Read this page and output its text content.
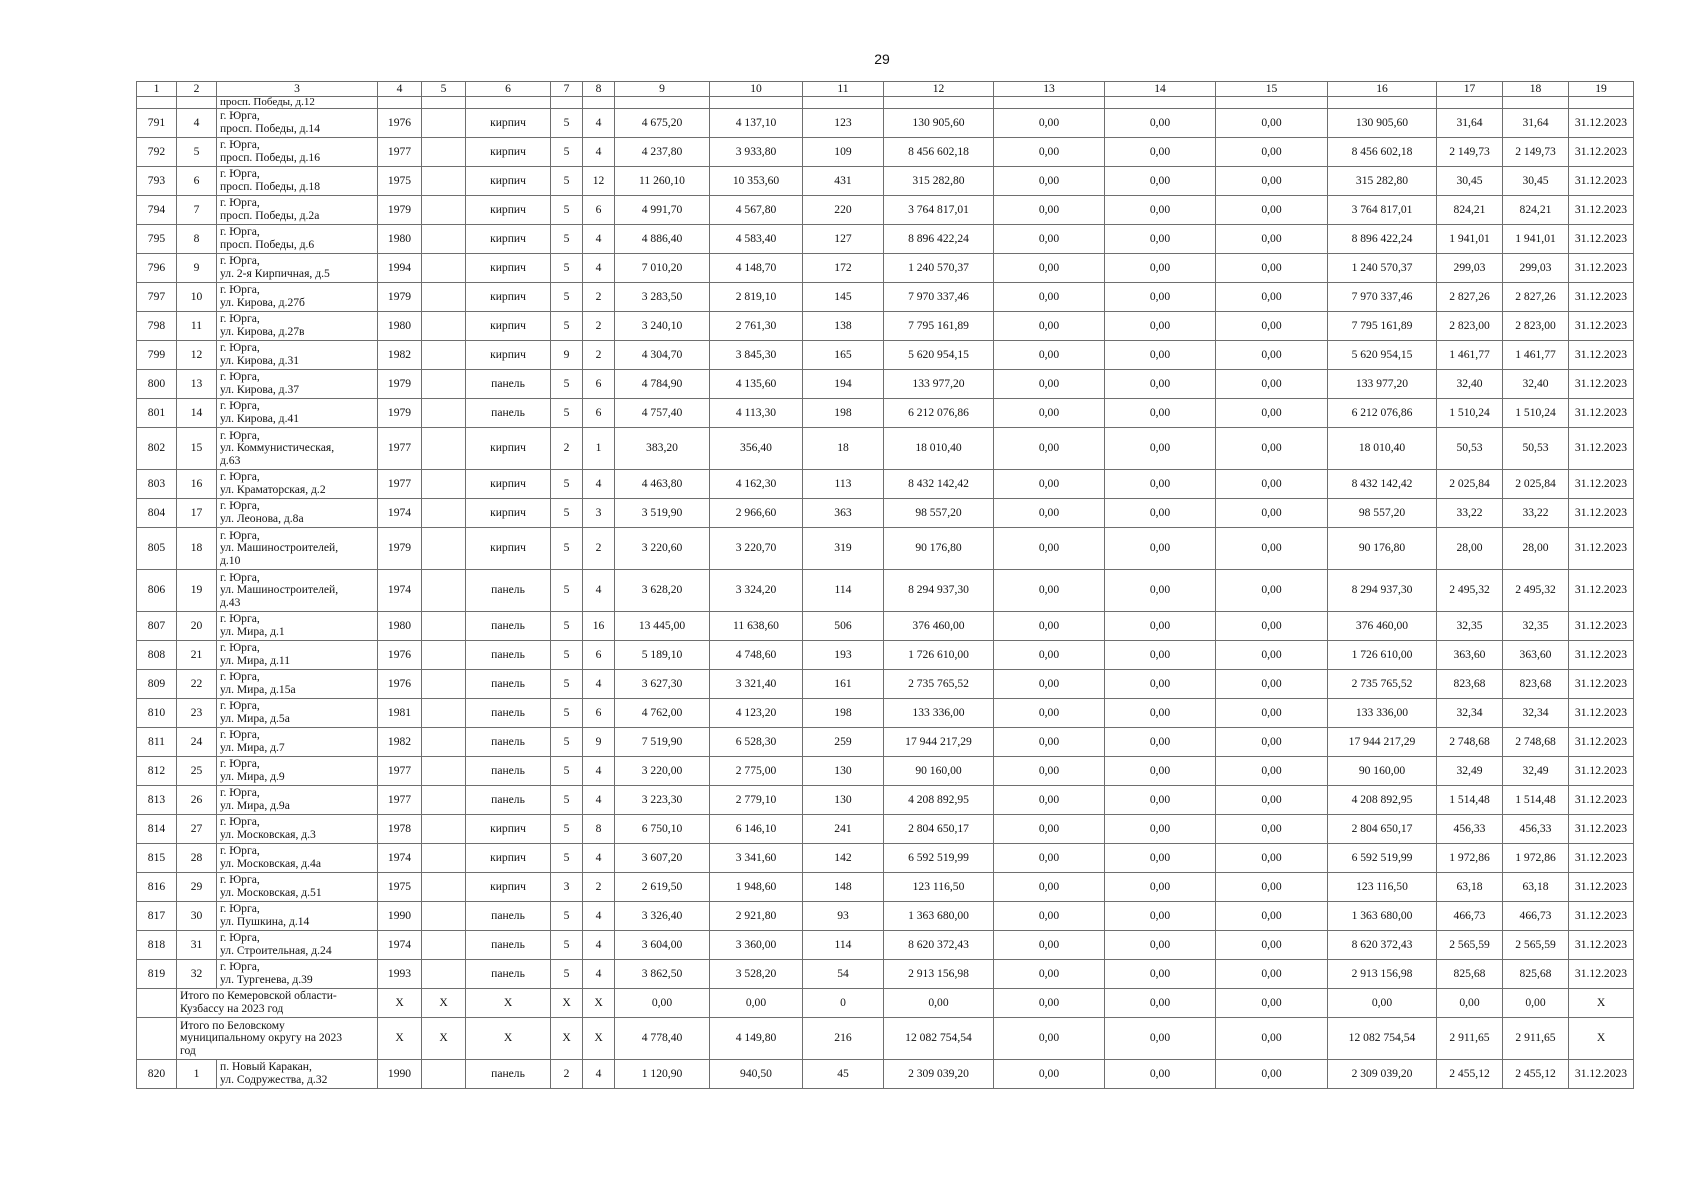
29
1	2	3	4	5	6	7	8	9	10	11	12	13	14	15	16	17	18	19
		просп. Победы, д.12																
791	4	г. Юрга,
просп. Победы, д.14	1976		кирпич	5	4	4 675,20	4 137,10	123	130 905,60	0,00	0,00	0,00	130 905,60	31,64	31,64	31.12.2023
792	5	г. Юрга,
просп. Победы, д.16	1977		кирпич	5	4	4 237,80	3 933,80	109	8 456 602,18	0,00	0,00	0,00	8 456 602,18	2 149,73	2 149,73	31.12.2023
793	6	г. Юрга,
просп. Победы, д.18	1975		кирпич	5	12	11 260,10	10 353,60	431	315 282,80	0,00	0,00	0,00	315 282,80	30,45	30,45	31.12.2023
794	7	г. Юрга,
просп. Победы, д.2а	1979		кирпич	5	6	4 991,70	4 567,80	220	3 764 817,01	0,00	0,00	0,00	3 764 817,01	824,21	824,21	31.12.2023
795	8	г. Юрга,
просп. Победы, д.6	1980		кирпич	5	4	4 886,40	4 583,40	127	8 896 422,24	0,00	0,00	0,00	8 896 422,24	1 941,01	1 941,01	31.12.2023
796	9	г. Юрга,
ул. 2-я Кирпичная, д.5	1994		кирпич	5	4	7 010,20	4 148,70	172	1 240 570,37	0,00	0,00	0,00	1 240 570,37	299,03	299,03	31.12.2023
797	10	г. Юрга,
ул. Кирова, д.27б	1979		кирпич	5	2	3 283,50	2 819,10	145	7 970 337,46	0,00	0,00	0,00	7 970 337,46	2 827,26	2 827,26	31.12.2023
798	11	г. Юрга,
ул. Кирова, д.27в	1980		кирпич	5	2	3 240,10	2 761,30	138	7 795 161,89	0,00	0,00	0,00	7 795 161,89	2 823,00	2 823,00	31.12.2023
799	12	г. Юрга,
ул. Кирова, д.31	1982		кирпич	9	2	4 304,70	3 845,30	165	5 620 954,15	0,00	0,00	0,00	5 620 954,15	1 461,77	1 461,77	31.12.2023
800	13	г. Юрга,
ул. Кирова, д.37	1979		панель	5	6	4 784,90	4 135,60	194	133 977,20	0,00	0,00	0,00	133 977,20	32,40	32,40	31.12.2023
801	14	г. Юрга,
ул. Кирова, д.41	1979		панель	5	6	4 757,40	4 113,30	198	6 212 076,86	0,00	0,00	0,00	6 212 076,86	1 510,24	1 510,24	31.12.2023
802	15	г. Юрга,
ул. Коммунистическая,
д.63	1977		кирпич	2	1	383,20	356,40	18	18 010,40	0,00	0,00	0,00	18 010,40	50,53	50,53	31.12.2023
803	16	г. Юрга,
ул. Краматорская, д.2	1977		кирпич	5	4	4 463,80	4 162,30	113	8 432 142,42	0,00	0,00	0,00	8 432 142,42	2 025,84	2 025,84	31.12.2023
804	17	г. Юрга,
ул. Леонова, д.8а	1974		кирпич	5	3	3 519,90	2 966,60	363	98 557,20	0,00	0,00	0,00	98 557,20	33,22	33,22	31.12.2023
805	18	г. Юрга,
ул. Машиностроителей,
д.10	1979		кирпич	5	2	3 220,60	3 220,70	319	90 176,80	0,00	0,00	0,00	90 176,80	28,00	28,00	31.12.2023
806	19	г. Юрга,
ул. Машиностроителей,
д.43	1974		панель	5	4	3 628,20	3 324,20	114	8 294 937,30	0,00	0,00	0,00	8 294 937,30	2 495,32	2 495,32	31.12.2023
807	20	г. Юрга,
ул. Мира, д.1	1980		панель	5	16	13 445,00	11 638,60	506	376 460,00	0,00	0,00	0,00	376 460,00	32,35	32,35	31.12.2023
808	21	г. Юрга,
ул. Мира, д.11	1976		панель	5	6	5 189,10	4 748,60	193	1 726 610,00	0,00	0,00	0,00	1 726 610,00	363,60	363,60	31.12.2023
809	22	г. Юрга,
ул. Мира, д.15а	1976		панель	5	4	3 627,30	3 321,40	161	2 735 765,52	0,00	0,00	0,00	2 735 765,52	823,68	823,68	31.12.2023
810	23	г. Юрга,
ул. Мира, д.5а	1981		панель	5	6	4 762,00	4 123,20	198	133 336,00	0,00	0,00	0,00	133 336,00	32,34	32,34	31.12.2023
811	24	г. Юрга,
ул. Мира, д.7	1982		панель	5	9	7 519,90	6 528,30	259	17 944 217,29	0,00	0,00	0,00	17 944 217,29	2 748,68	2 748,68	31.12.2023
812	25	г. Юрга,
ул. Мира, д.9	1977		панель	5	4	3 220,00	2 775,00	130	90 160,00	0,00	0,00	0,00	90 160,00	32,49	32,49	31.12.2023
813	26	г. Юрга,
ул. Мира, д.9а	1977		панель	5	4	3 223,30	2 779,10	130	4 208 892,95	0,00	0,00	0,00	4 208 892,95	1 514,48	1 514,48	31.12.2023
814	27	г. Юрга,
ул. Московская, д.3	1978		кирпич	5	8	6 750,10	6 146,10	241	2 804 650,17	0,00	0,00	0,00	2 804 650,17	456,33	456,33	31.12.2023
815	28	г. Юрга,
ул. Московская, д.4а	1974		кирпич	5	4	3 607,20	3 341,60	142	6 592 519,99	0,00	0,00	0,00	6 592 519,99	1 972,86	1 972,86	31.12.2023
816	29	г. Юрга,
ул. Московская, д.51	1975		кирпич	3	2	2 619,50	1 948,60	148	123 116,50	0,00	0,00	0,00	123 116,50	63,18	63,18	31.12.2023
817	30	г. Юрга,
ул. Пушкина, д.14	1990		панель	5	4	3 326,40	2 921,80	93	1 363 680,00	0,00	0,00	0,00	1 363 680,00	466,73	466,73	31.12.2023
818	31	г. Юрга,
ул. Строительная, д.24	1974		панель	5	4	3 604,00	3 360,00	114	8 620 372,43	0,00	0,00	0,00	8 620 372,43	2 565,59	2 565,59	31.12.2023
819	32	г. Юрга,
ул. Тургенева, д.39	1993		панель	5	4	3 862,50	3 528,20	54	2 913 156,98	0,00	0,00	0,00	2 913 156,98	825,68	825,68	31.12.2023
	Итого по Кемеровской области-
Кузбассу на 2023 год		Х	Х	Х	Х	Х	0,00	0,00	0	0,00	0,00	0,00	0,00	0,00	0,00	0,00	Х
	Итого по Беловскому
муниципальному округу на 2023
год		Х	Х	Х	Х	Х	4 778,40	4 149,80	216	12 082 754,54	0,00	0,00	0,00	12 082 754,54	2 911,65	2 911,65	Х
820	1	п. Новый Каракан,
ул. Содружества, д.32	1990		панель	2	4	1 120,90	940,50	45	2 309 039,20	0,00	0,00	0,00	2 309 039,20	2 455,12	2 455,12	31.12.2023
